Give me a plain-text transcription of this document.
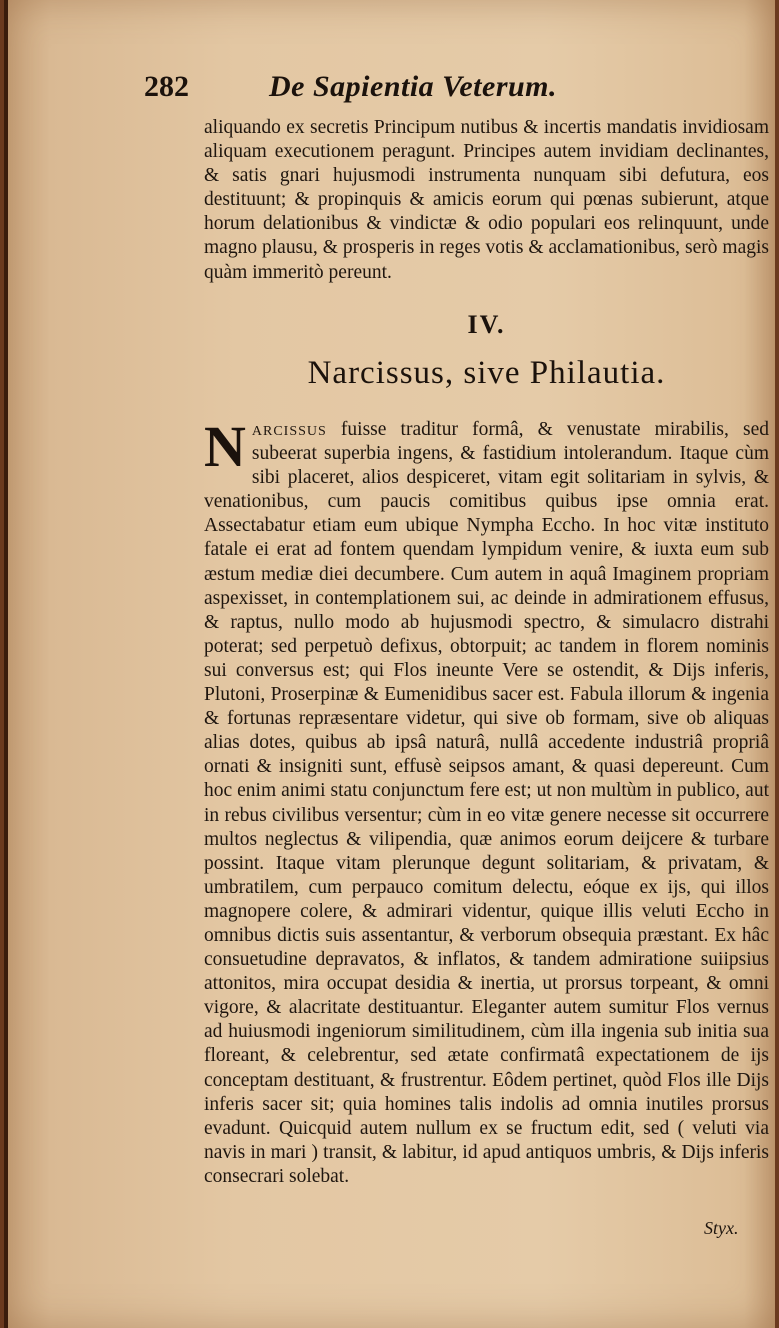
282	De Sapientia Veterum.
aliquando ex secretis Principum nutibus & incertis mandatis invidiosam aliquam executionem peragunt. Principes autem invidiam declinantes, & satis gnari hujusmodi instrumenta nunquam sibi defutura, eos destituunt; & propinquis & amicis eorum qui pœnas subierunt, atque horum delationibus & vindictæ & odio populari eos relinquunt, unde magno plausu, & prosperis in reges votis & acclamationibus, serò magis quàm immeritò pereunt.
IV.
Narcissus, sive Philautia.
Narcissus fuisse traditur formâ, & venustate mirabilis, sed subeerat superbia ingens, & fastidium intolerandum. Itaque cùm sibi placeret, alios despiceret, vitam egit solitariam in sylvis, & venationibus, cum paucis comitibus quibus ipse omnia erat. Assectabatur etiam eum ubique Nympha Eccho. In hoc vitæ instituto fatale ei erat ad fontem quendam lympidum venire, & iuxta eum sub æstum mediæ diei decumbere. Cum autem in aquâ Imaginem propriam aspexisset, in contemplationem sui, ac deinde in admirationem effusus, & raptus, nullo modo ab hujusmodi spectro, & simulacro distrahi poterat; sed perpetuò defixus, obtorpuit; ac tandem in florem nominis sui conversus est; qui Flos ineunte Vere se ostendit, & Dijs inferis, Plutoni, Proserpinæ & Eumenidibus sacer est. Fabula illorum & ingenia & fortunas repræsentare videtur, qui sive ob formam, sive ob aliquas alias dotes, quibus ab ipsâ naturâ, nullâ accedente industriâ propriâ ornati & insigniti sunt, effusè seipsos amant, & quasi depereunt. Cum hoc enim animi statu conjunctum fere est; ut non multùm in publico, aut in rebus civilibus versentur; cùm in eo vitæ genere necesse sit occurrere multos neglectus & vilipendia, quæ animos eorum deijcere & turbare possint. Itaque vitam plerunque degunt solitariam, & privatam, & umbratilem, cum perpauco comitum delectu, eóque ex ijs, qui illos magnopere colere, & admirari videntur, quique illis veluti Eccho in omnibus dictis suis assentantur, & verborum obsequia præstant. Ex hâc consuetudine depravatos, & inflatos, & tandem admiratione suiipsius attonitos, mira occupat desidia & inertia, ut prorsus torpeant, & omni vigore, & alacritate destituantur. Eleganter autem sumitur Flos vernus ad huiusmodi ingeniorum similitudinem, cùm illa ingenia sub initia sua floreant, & celebrentur, sed ætate confirmatâ expectationem de ijs conceptam destituant, & frustrentur. Eôdem pertinet, quòd Flos ille Dijs inferis sacer sit; quia homines talis indolis ad omnia inutiles prorsus evadunt. Quicquid autem nullum ex se fructum edit, sed ( veluti via navis in mari ) transit, & labitur, id apud antiquos umbris, & Dijs inferis consecrari solebat.
Styx.
